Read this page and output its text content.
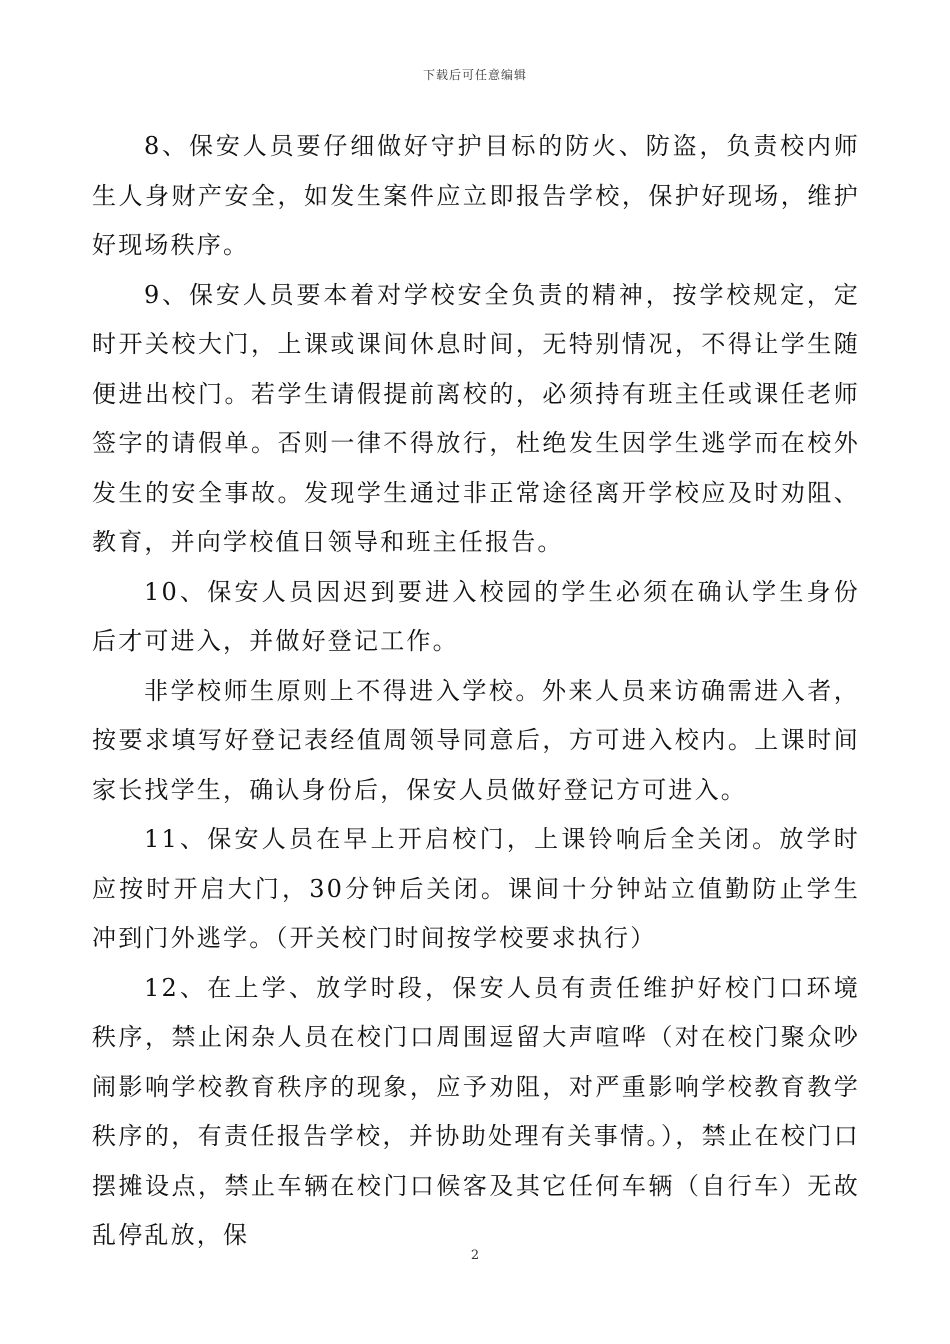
下载后可任意编辑

8、保安人员要仔细做好守护目标的防火、防盗，负责校内师生人身财产安全，如发生案件应立即报告学校，保护好现场，维护好现场秩序。

9、保安人员要本着对学校安全负责的精神，按学校规定，定时开关校大门，上课或课间休息时间，无特别情况，不得让学生随便进出校门。若学生请假提前离校的，必须持有班主任或课任老师签字的请假单。否则一律不得放行，杜绝发生因学生逃学而在校外发生的安全事故。发现学生通过非正常途径离开学校应及时劝阻、教育，并向学校值日领导和班主任报告。

10、保安人员因迟到要进入校园的学生必须在确认学生身份后才可进入，并做好登记工作。

非学校师生原则上不得进入学校。外来人员来访确需进入者，按要求填写好登记表经值周领导同意后，方可进入校内。上课时间家长找学生，确认身份后，保安人员做好登记方可进入。

11、保安人员在早上开启校门，上课铃响后全关闭。放学时应按时开启大门，30分钟后关闭。课间十分钟站立值勤防止学生冲到门外逃学。（开关校门时间按学校要求执行）

12、在上学、放学时段，保安人员有责任维护好校门口环境秩序，禁止闲杂人员在校门口周围逗留大声喧哗（对在校门聚众吵闹影响学校教育秩序的现象，应予劝阻，对严重影响学校教育教学秩序的，有责任报告学校，并协助处理有关事情。），禁止在校门口摆摊设点，禁止车辆在校门口候客及其它任何车辆（自行车）无故乱停乱放，保

2
